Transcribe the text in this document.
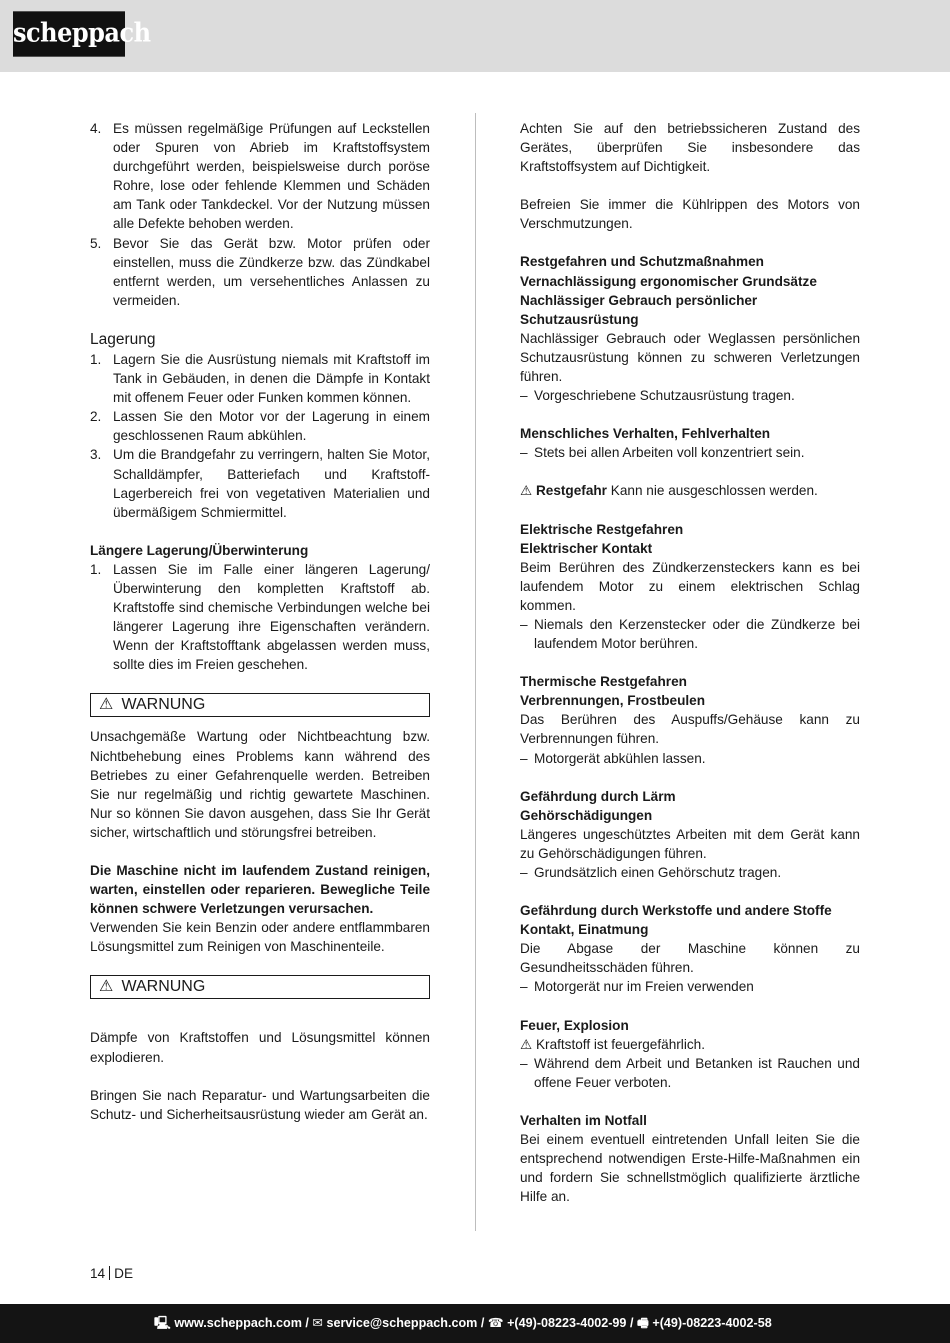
scheppach
4. Es müssen regelmäßige Prüfungen auf Leckstellen oder Spuren von Abrieb im Kraftstoffsystem durchgeführt werden, beispielsweise durch poröse Rohre, lose oder fehlende Klemmen und Schäden am Tank oder Tankdeckel. Vor der Nutzung müssen alle Defekte behoben werden.
5. Bevor Sie das Gerät bzw. Motor prüfen oder einstellen, muss die Zündkerze bzw. das Zündkabel entfernt werden, um versehentliches Anlassen zu vermeiden.
Lagerung
1. Lagern Sie die Ausrüstung niemals mit Kraftstoff im Tank in Gebäuden, in denen die Dämpfe in Kontakt mit offenem Feuer oder Funken kommen können.
2. Lassen Sie den Motor vor der Lagerung in einem geschlossenen Raum abkühlen.
3. Um die Brandgefahr zu verringern, halten Sie Motor, Schalldämpfer, Batteriefach und Kraftstoff-Lagerbereich frei von vegetativen Materialien und übermäßigem Schmiermittel.
Längere Lagerung/Überwinterung
1. Lassen Sie im Falle einer längeren Lagerung/Überwinterung den kompletten Kraftstoff ab. Kraftstoffe sind chemische Verbindungen welche bei längerer Lagerung ihre Eigenschaften verändern. Wenn der Kraftstofftank abgelassen werden muss, sollte dies im Freien geschehen.
⚠ WARNUNG

Unsachgemäße Wartung oder Nichtbeachtung bzw. Nichtbehebung eines Problems kann während des Betriebes zu einer Gefahrenquelle werden. Betreiben Sie nur regelmäßig und richtig gewartete Maschinen. Nur so können Sie davon ausgehen, dass Sie Ihr Gerät sicher, wirtschaftlich und störungsfrei betreiben.

Die Maschine nicht im laufendem Zustand reinigen, warten, einstellen oder reparieren. Bewegliche Teile können schwere Verletzungen verursachen.

Verwenden Sie kein Benzin oder andere entflammbaren Lösungsmittel zum Reinigen von Maschinenteile.

⚠ WARNUNG

Dämpfe von Kraftstoffen und Lösungsmittel können explodieren.

Bringen Sie nach Reparatur- und Wartungsarbeiten die Schutz- und Sicherheitsausrüstung wieder am Gerät an.

Achten Sie auf den betriebssicheren Zustand des Gerätes, überprüfen Sie insbesondere das Kraftstoffsystem auf Dichtigkeit.

Befreien Sie immer die Kühlrippen des Motors von Verschmutzungen.

Restgefahren und Schutzmaßnahmen
Vernachlässigung ergonomischer Grundsätze
Nachlässiger Gebrauch persönlicher Schutzausrüstung

Nachlässiger Gebrauch oder Weglassen persönlichen Schutzausrüstung können zu schweren Verletzungen führen.

– Vorgeschriebene Schutzausrüstung tragen.
Menschliches Verhalten, Fehlverhalten
– Stets bei allen Arbeiten voll konzentriert sein.

⚠ Restgefahr Kann nie ausgeschlossen werden.

Elektrische Restgefahren
Elektrischer Kontakt

Beim Berühren des Zündkerzensteckers kann es bei laufendem Motor zu einem elektrischen Schlag kommen.

– Niemals den Kerzenstecker oder die Zündkerze bei laufendem Motor berühren.
Thermische Restgefahren
Verbrennungen, Frostbeulen

Das Berühren des Auspuffs/Gehäuse kann zu Verbrennungen führen.

– Motorgerät abkühlen lassen.
Gefährdung durch Lärm
Gehörschädigungen

Längeres ungeschütztes Arbeiten mit dem Gerät kann zu Gehörschädigungen führen.

– Grundsätzlich einen Gehörschutz tragen.
Gefährdung durch Werkstoffe und andere Stoffe
Kontakt, Einatmung

Die Abgase der Maschine können zu Gesundheitsschäden führen.

– Motorgerät nur im Freien verwenden
Feuer, Explosion

⚠ Kraftstoff ist feuergefährlich.

– Während dem Arbeit und Betanken ist Rauchen und offene Feuer verboten.
Verhalten im Notfall

Bei einem eventuell eintretenden Unfall leiten Sie die entsprechend notwendigen Erste-Hilfe-Maßnahmen ein und fordern Sie schnellstmöglich qualifizierte ärztliche Hilfe an.

14 DE
🖳 www.scheppach.com / ✉ service@scheppach.com / ☎ +(49)-08223-4002-99 / 🖷 +(49)-08223-4002-58
